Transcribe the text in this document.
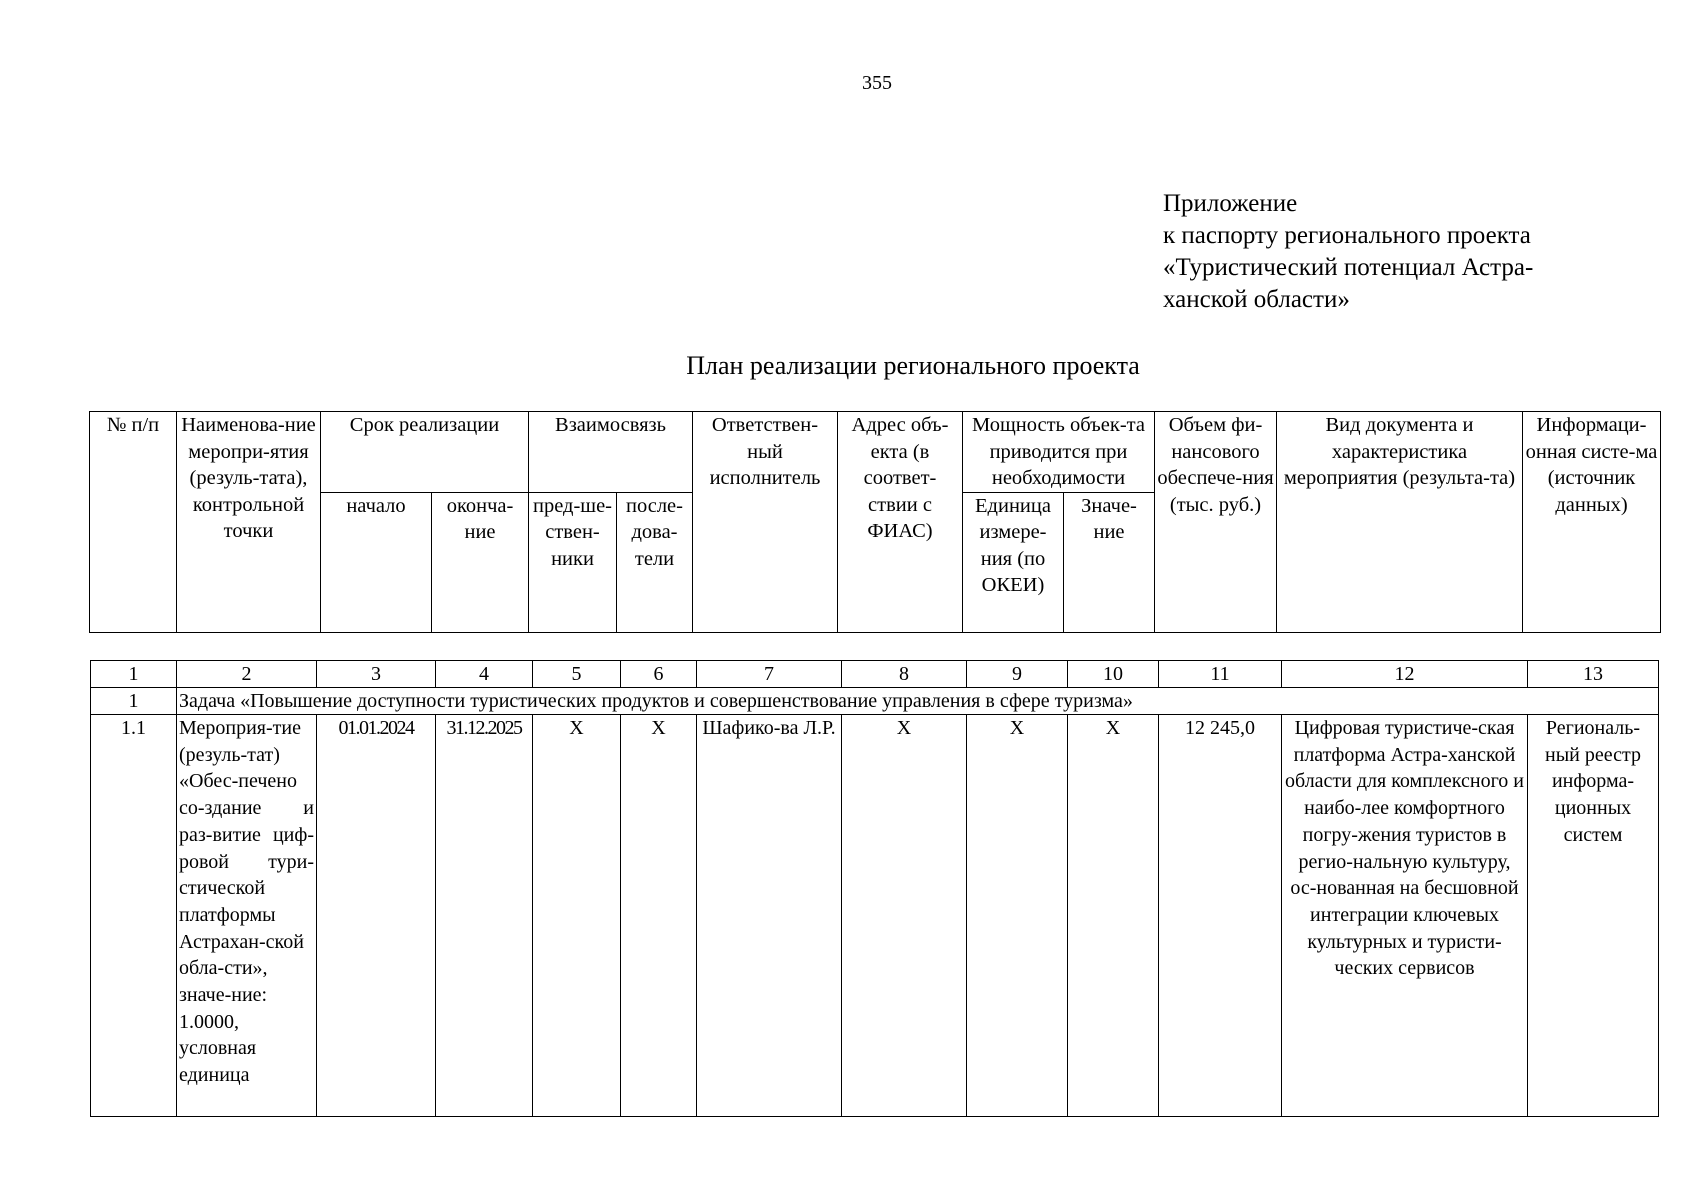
355
Приложение
к паспорту регионального проекта
«Туристический потенциал Астра-
ханской области»
План реализации регионального проекта
№ п/п	Наименова-ние меропри-ятия (резуль-тата), контрольной точки	Срок реализации		Взаимосвязь		Ответствен-ный исполнитель	Адрес объ-екта (в соответ-ствии с ФИАС)	Мощность объек-та приводится при необходимости		Объем фи-нансового обеспече-ния (тыс. руб.)	Вид документа и характеристика мероприятия (результа-та)	Информаци-онная систе-ма (источник данных)
		начало	оконча-ние	пред-ше-ствен-ники	после-дова-тели			Единица измере-ния (по ОКЕИ)	Значе-ние			
1	2	3	4	5	6	7	8	9	10	11	12	13
1	Задача «Повышение доступности туристических продуктов и совершенствование управления в сфере туризма»											
1.1	Мероприя-тие (резуль-тат) «Обес-печено со-здание и раз-витие циф-ровой тури-стической платформы Астрахан-ской обла-сти», значе-ние: 1.0000, условная единица	01.01.2024	31.12.2025	X	X	Шафико-ва Л.Р.	X	X	X	12 245,0	Цифровая туристиче-ская платформа Астра-ханской области для комплексного и наибо-лее комфортного погру-жения туристов в регио-нальную культуру, ос-нованная на бесшовной интеграции ключевых культурных и туристи-ческих сервисов	Региональ-ный реестр информа-ционных систем
